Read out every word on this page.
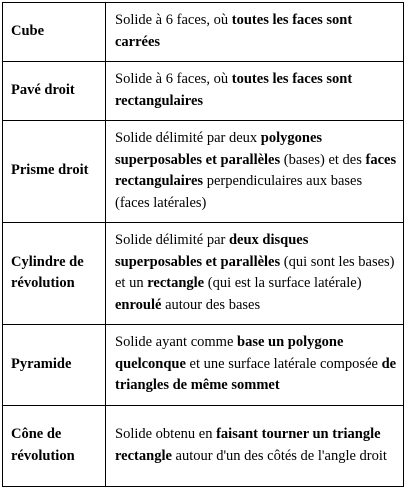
Cube	Solide à 6 faces, où toutes les faces sont carrées
Pavé droit	Solide à 6 faces, où toutes les faces sont rectangulaires
Prisme droit	Solide délimité par deux polygones superposables et parallèles (bases) et des faces rectangulaires perpendiculaires aux bases (faces latérales)
Cylindre de révolution	Solide délimité par deux disques superposables et parallèles (qui sont les bases) et un rectangle (qui est la surface latérale) enroulé autour des bases
Pyramide	Solide ayant comme base un polygone quelconque et une surface latérale composée de triangles de même sommet
Cône de révolution	Solide obtenu en faisant tourner un triangle rectangle autour d'un des côtés de l'angle droit
